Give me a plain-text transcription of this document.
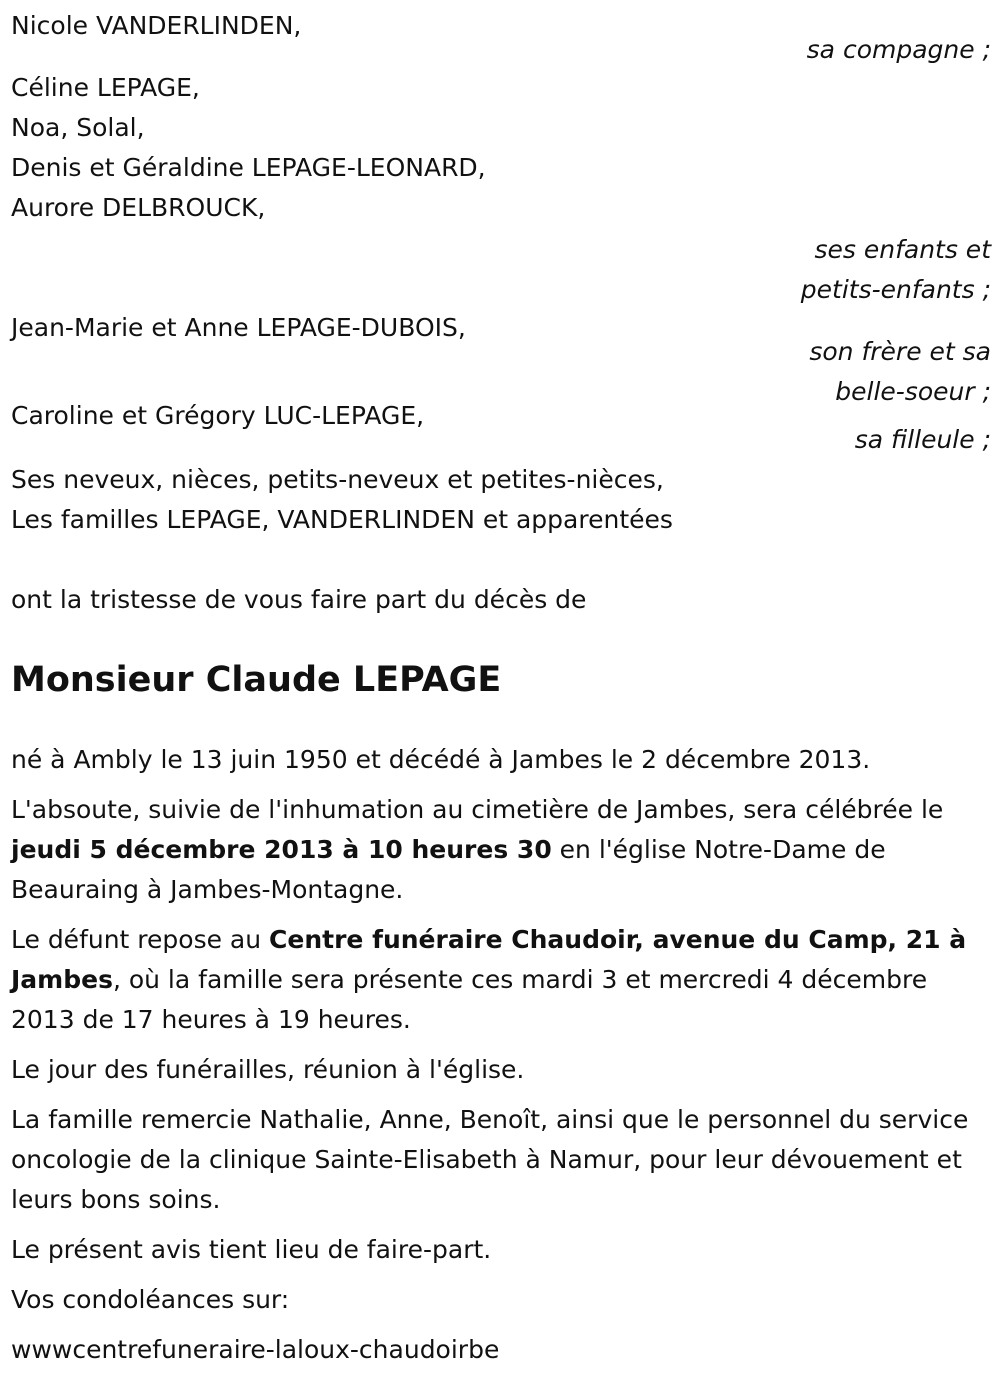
Nicole VANDERLINDEN,
sa compagne ;
Céline LEPAGE,
Noa, Solal,
Denis et Géraldine LEPAGE-LEONARD,
Aurore DELBROUCK,
ses enfants et
petits-enfants ;
Jean-Marie et Anne LEPAGE-DUBOIS,
son frère et sa
belle-soeur ;
Caroline et Grégory LUC-LEPAGE,
sa filleule ;
Ses neveux, nièces, petits-neveux et petites-nièces,
Les familles LEPAGE, VANDERLINDEN et apparentées
ont la tristesse de vous faire part du décès de
Monsieur Claude LEPAGE
né à Ambly le 13 juin 1950 et décédé à Jambes le 2 décembre 2013.
L'absoute, suivie de l'inhumation au cimetière de Jambes, sera célébrée le jeudi 5 décembre 2013 à 10 heures 30 en l'église Notre-Dame de Beauraing à Jambes-Montagne.
Le défunt repose au Centre funéraire Chaudoir, avenue du Camp, 21 à Jambes, où la famille sera présente ces mardi 3 et mercredi 4 décembre 2013 de 17 heures à 19 heures.
Le jour des funérailles, réunion à l'église.
La famille remercie Nathalie, Anne, Benoît, ainsi que le personnel du service oncologie de la clinique Sainte-Elisabeth à Namur, pour leur dévouement et leurs bons soins.
Le présent avis tient lieu de faire-part.
Vos condoléances sur:
wwwcentrefuneraire-laloux-chaudoirbe
